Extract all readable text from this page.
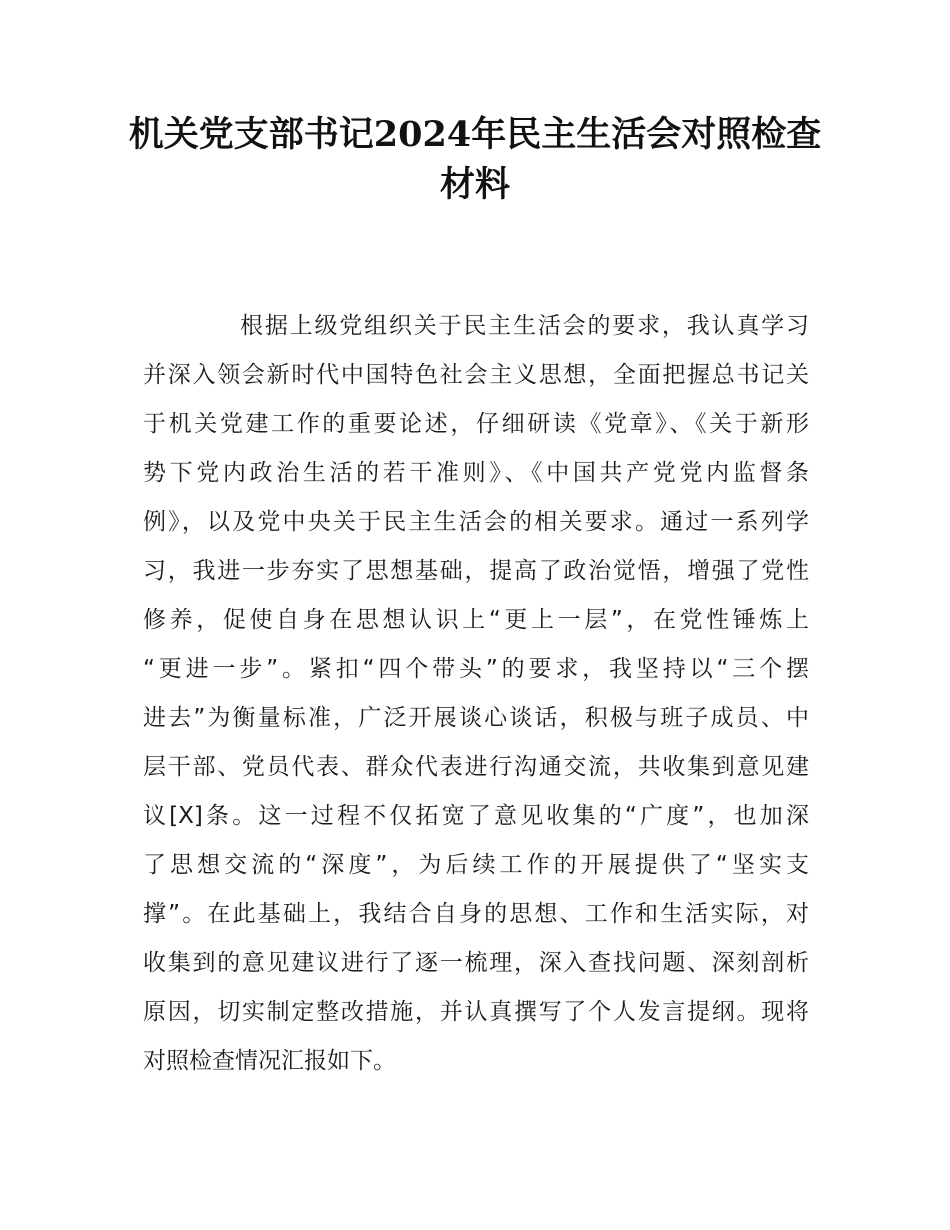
机关党支部书记2024年民主生活会对照检查
材料
根据上级党组织关于民主生活会的要求，我认真学习
并深入领会新时代中国特色社会主义思想，全面把握总书记关
于机关党建工作的重要论述，仔细研读《党章》、《关于新形
势下党内政治生活的若干准则》、《中国共产党党内监督条
例》，以及党中央关于民主生活会的相关要求。通过一系列学
习，我进一步夯实了思想基础，提高了政治觉悟，增强了党性
修养，促使自身在思想认识上“更上一层”，在党性锤炼上
“更进一步”。紧扣“四个带头”的要求，我坚持以“三个摆
进去”为衡量标准，广泛开展谈心谈话，积极与班子成员、中
层干部、党员代表、群众代表进行沟通交流，共收集到意见建
议[X]条。这一过程不仅拓宽了意见收集的“广度”，也加深
了思想交流的“深度”，为后续工作的开展提供了“坚实支
撑”。在此基础上，我结合自身的思想、工作和生活实际，对
收集到的意见建议进行了逐一梳理，深入查找问题、深刻剖析
原因，切实制定整改措施，并认真撰写了个人发言提纲。现将
对照检查情况汇报如下。
